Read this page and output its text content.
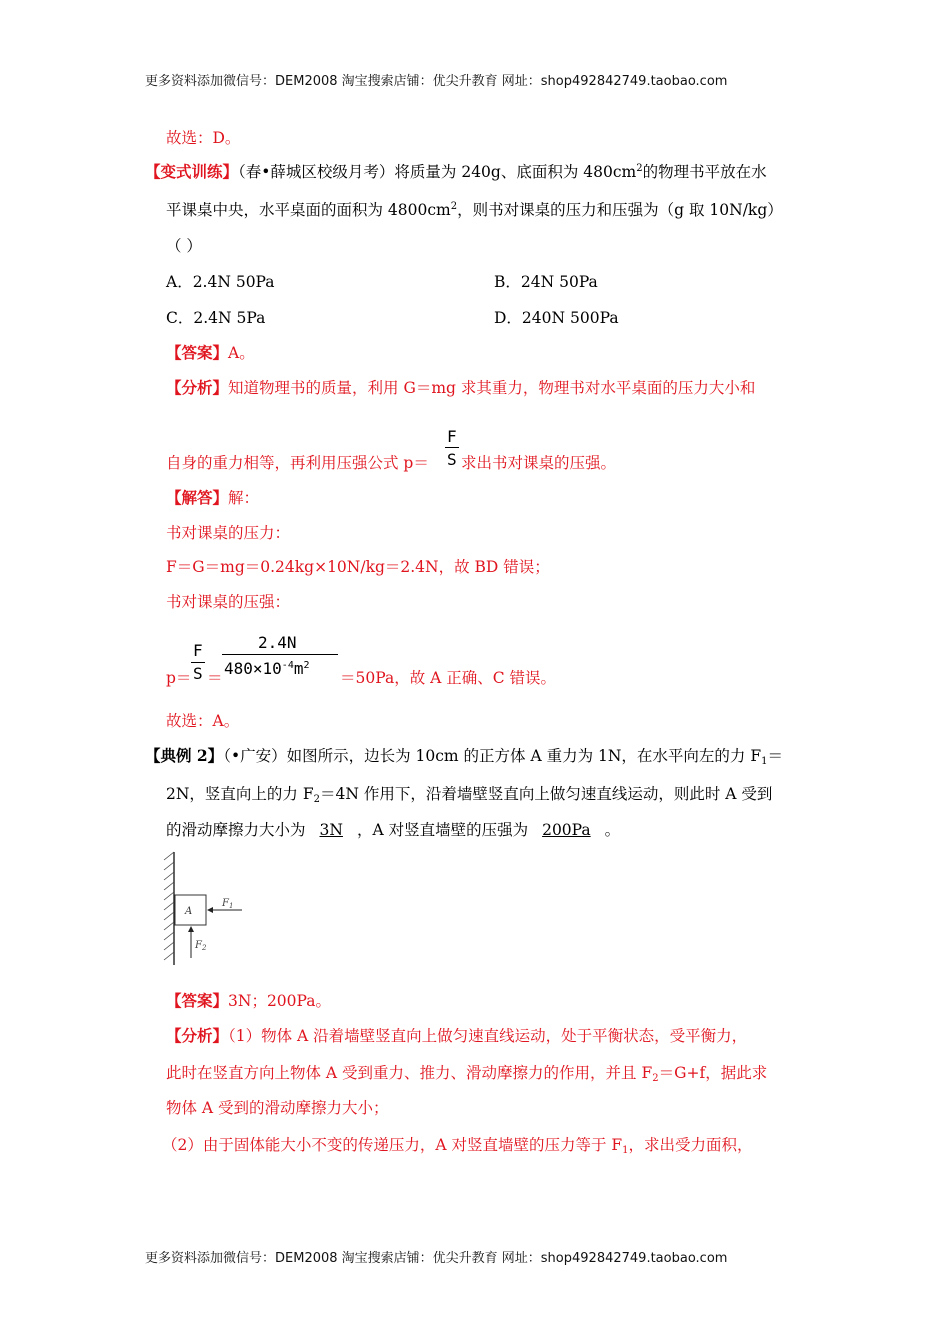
更多资料添加微信号：DEM2008 淘宝搜索店铺：优尖升教育 网址：shop492842749.taobao.com
故选：D。
【变式训练】（春•薛城区校级月考）将质量为 240g、底面积为 $480cm^2$的物理书平放在水
平课桌中央，水平桌面的面积为 $4800cm^2$，则书对课桌的压力和压强为（g 取 10N/kg）
（ ）
A．2.4N 50Pa	B．24N 50Pa
C．2.4N 5Pa	D．240N 500Pa
【答案】A。
【分析】知道物理书的质量，利用 G＝mg 求其重力，物理书对水平桌面的压力大小和
F
S
自身的重力相等，再利用压强公式 p＝ 求出书对课桌的压强。
【解答】解：
书对课桌的压力：
F＝G＝mg＝0.24kg×10N/kg＝2.4N，故 BD 错误；
书对课桌的压强：
p＝
F
S ＝
2.4N
$480\times 10^{-4}m^2$
＝50Pa，故 A 正确、C 错误。
故选：A。
【典例 2】（•广安）如图所示，边长为 10cm 的正方体 A 重力为 1N，在水平向左的力 $F_1=$
2N，竖直向上的力 $F_2=4N$ 作用下，沿着墙壁竖直向上做匀速直线运动，则此时 A 受到
的滑动摩擦力大小为 3N ，A 对竖直墙壁的压强为 200Pa 。
A
$F_1$
$F_2$
【答案】3N；200Pa。
【分析】（1）物体 A 沿着墙壁竖直向上做匀速直线运动，处于平衡状态，受平衡力，
此时在竖直方向上物体 A 受到重力、推力、滑动摩擦力的作用，并且 $F_2=G+f$，据此求
物体 A 受到的滑动摩擦力大小；
（2）由于固体能大小不变的传递压力，A 对竖直墙壁的压力等于 $F_1$，求出受力面积，
更多资料添加微信号：DEM2008 淘宝搜索店铺：优尖升教育 网址：shop492842749.taobao.com
